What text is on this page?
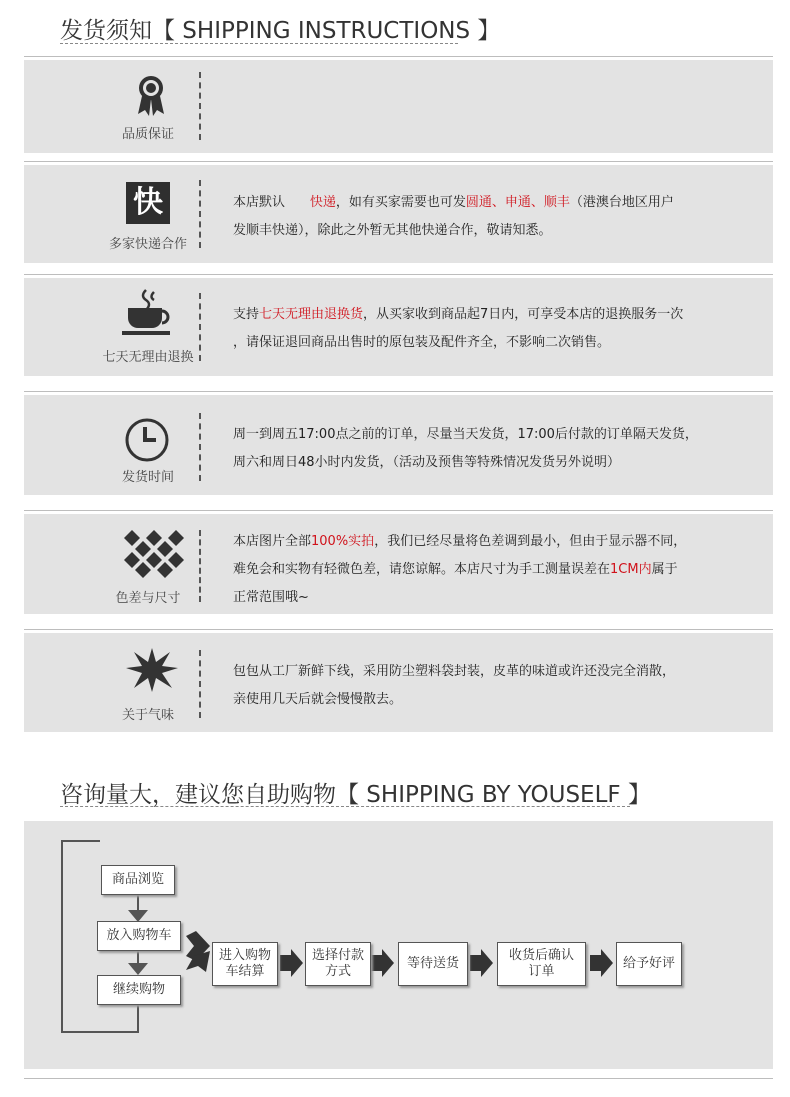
发货须知【 SHIPPING INSTRUCTIONS 】
品质保证
快
多家快递合作
本店默认 快递，如有买家需要也可发圆通、申通、顺丰（港澳台地区用户
发顺丰快递），除此之外暂无其他快递合作，敬请知悉。
七天无理由退换
支持七天无理由退换货，从买家收到商品起7日内，可享受本店的退换服务一次
，请保证退回商品出售时的原包装及配件齐全，不影响二次销售。
发货时间
周一到周五17:00点之前的订单，尽量当天发货，17:00后付款的订单隔天发货，
周六和周日48小时内发货，（活动及预售等特殊情况发货另外说明）
色差与尺寸
本店图片全部100%实拍，我们已经尽量将色差调到最小，但由于显示器不同，
难免会和实物有轻微色差，请您谅解。本店尺寸为手工测量误差在1CM内属于
正常范围哦~
关于气味
包包从工厂新鲜下线，采用防尘塑料袋封装，皮革的味道或许还没完全消散，
亲使用几天后就会慢慢散去。
咨询量大，建议您自助购物【 SHIPPING BY YOUSELF 】
商品浏览
放入购物车
继续购物
进入购物
车结算
选择付款
方式
等待送货
收货后确认
订单
给予好评
